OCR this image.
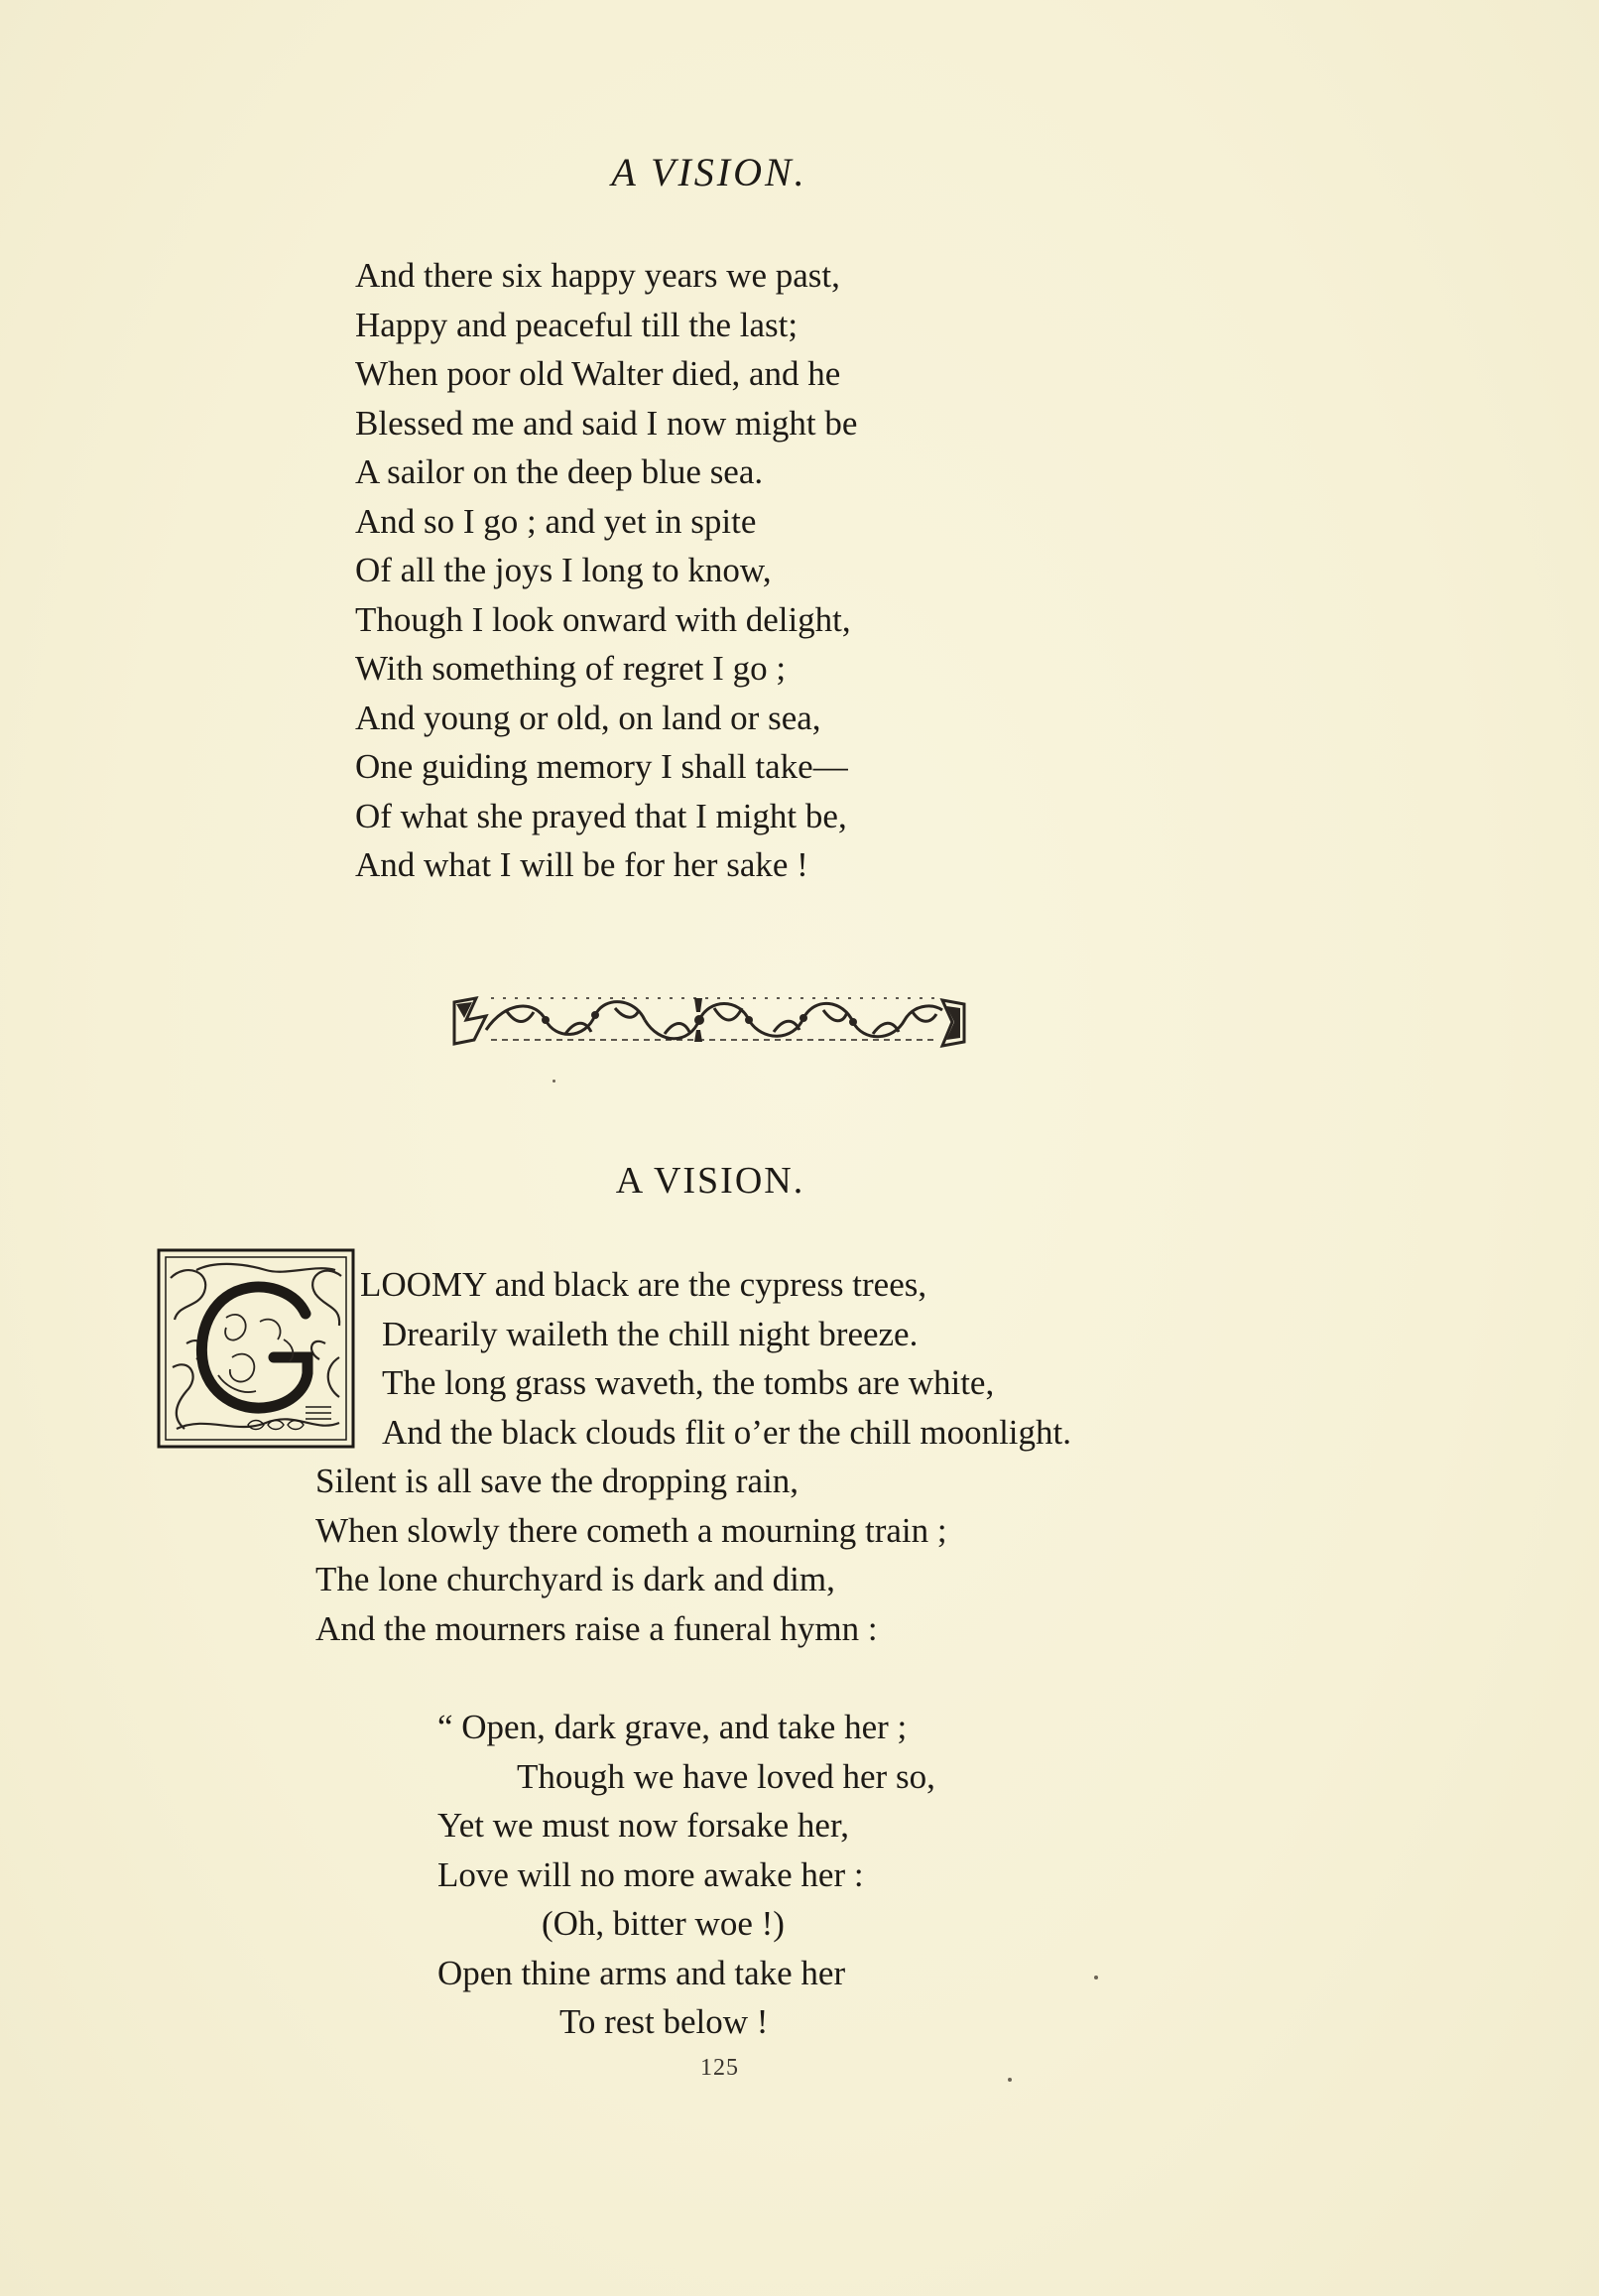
A VISION.
And there six happy years we past,
Happy and peaceful till the last;
When poor old Walter died, and he
Blessed me and said I now might be
A sailor on the deep blue sea.
And so I go ; and yet in spite
Of all the joys I long to know,
Though I look onward with delight,
With something of regret I go ;
And young or old, on land or sea,
One guiding memory I shall take—
Of what she prayed that I might be,
And what I will be for her sake !
A VISION.
LOOMY and black are the cypress trees,
Drearily waileth the chill night breeze.
The long grass waveth, the tombs are white,
And the black clouds flit o’er the chill moonlight.
Silent is all save the dropping rain,
When slowly there cometh a mourning train ;
The lone churchyard is dark and dim,
And the mourners raise a funeral hymn :
“ Open, dark grave, and take her ;
Though we have loved her so,
Yet we must now forsake her,
Love will no more awake her :
(Oh, bitter woe !)
Open thine arms and take her
To rest below !
125
